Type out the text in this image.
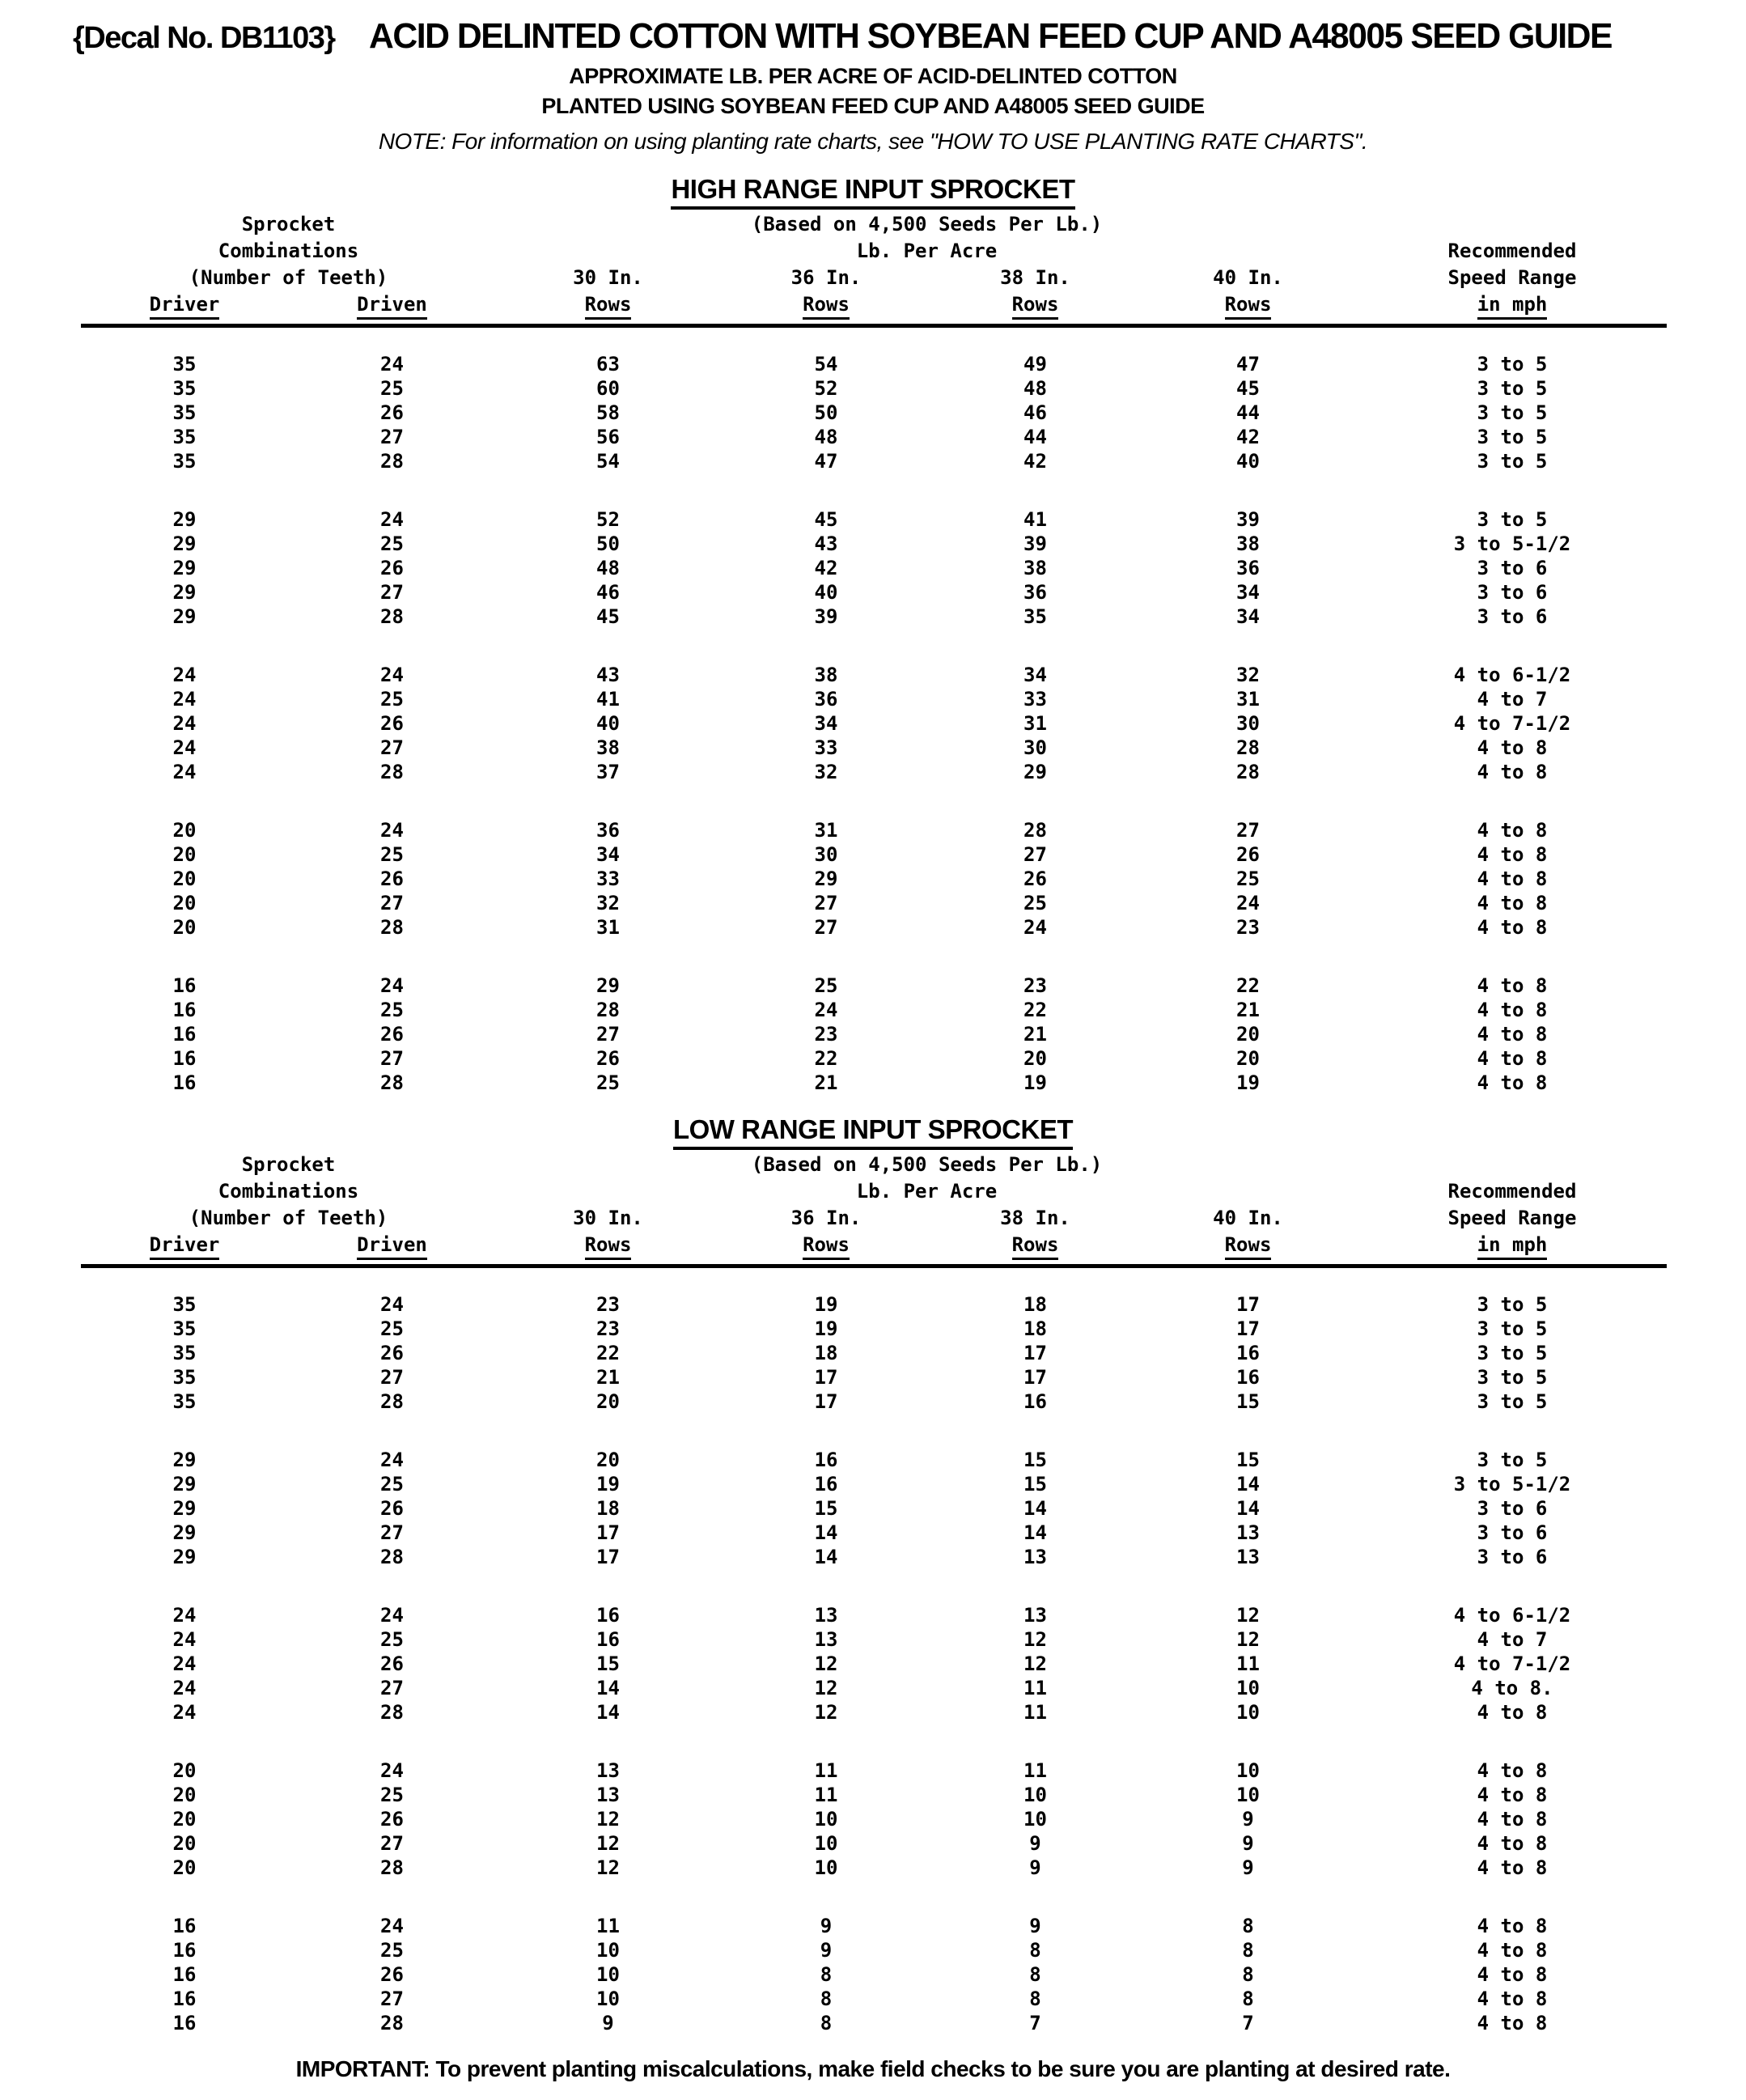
{Decal No. DB1103} ACID DELINTED COTTON WITH SOYBEAN FEED CUP AND A48005 SEED GUIDE
APPROXIMATE LB. PER ACRE OF ACID-DELINTED COTTON
PLANTED USING SOYBEAN FEED CUP AND A48005 SEED GUIDE
NOTE: For information on using planting rate charts, see "HOW TO USE PLANTING RATE CHARTS".
HIGH RANGE INPUT SPROCKET
Sprocket	(Based on 4,500 Seeds Per Lb.)
Combinations	Lb. Per Acre	Recommended
(Number of Teeth)	30 In.	36 In.	38 In.	40 In.	Speed Range
Driver	Driven	Rows	Rows	Rows	Rows	in mph
35	24	63	54	49	47	3 to 5
35	25	60	52	48	45	3 to 5
35	26	58	50	46	44	3 to 5
35	27	56	48	44	42	3 to 5
35	28	54	47	42	40	3 to 5
29	24	52	45	41	39	3 to 5
29	25	50	43	39	38	3 to 5-1/2
29	26	48	42	38	36	3 to 6
29	27	46	40	36	34	3 to 6
29	28	45	39	35	34	3 to 6
24	24	43	38	34	32	4 to 6-1/2
24	25	41	36	33	31	4 to 7
24	26	40	34	31	30	4 to 7-1/2
24	27	38	33	30	28	4 to 8
24	28	37	32	29	28	4 to 8
20	24	36	31	28	27	4 to 8
20	25	34	30	27	26	4 to 8
20	26	33	29	26	25	4 to 8
20	27	32	27	25	24	4 to 8
20	28	31	27	24	23	4 to 8
16	24	29	25	23	22	4 to 8
16	25	28	24	22	21	4 to 8
16	26	27	23	21	20	4 to 8
16	27	26	22	20	20	4 to 8
16	28	25	21	19	19	4 to 8
LOW RANGE INPUT SPROCKET
Sprocket	(Based on 4,500 Seeds Per Lb.)
Combinations	Lb. Per Acre	Recommended
(Number of Teeth)	30 In.	36 In.	38 In.	40 In.	Speed Range
Driver	Driven	Rows	Rows	Rows	Rows	in mph
35	24	23	19	18	17	3 to 5
35	25	23	19	18	17	3 to 5
35	26	22	18	17	16	3 to 5
35	27	21	17	17	16	3 to 5
35	28	20	17	16	15	3 to 5
29	24	20	16	15	15	3 to 5
29	25	19	16	15	14	3 to 5-1/2
29	26	18	15	14	14	3 to 6
29	27	17	14	14	13	3 to 6
29	28	17	14	13	13	3 to 6
24	24	16	13	13	12	4 to 6-1/2
24	25	16	13	12	12	4 to 7
24	26	15	12	12	11	4 to 7-1/2
24	27	14	12	11	10	4 to 8.
24	28	14	12	11	10	4 to 8
20	24	13	11	11	10	4 to 8
20	25	13	11	10	10	4 to 8
20	26	12	10	10	9	4 to 8
20	27	12	10	9	9	4 to 8
20	28	12	10	9	9	4 to 8
16	24	11	9	9	8	4 to 8
16	25	10	9	8	8	4 to 8
16	26	10	8	8	8	4 to 8
16	27	10	8	8	8	4 to 8
16	28	9	8	7	7	4 to 8
IMPORTANT: To prevent planting miscalculations, make field checks to be sure you are planting at desired rate.
